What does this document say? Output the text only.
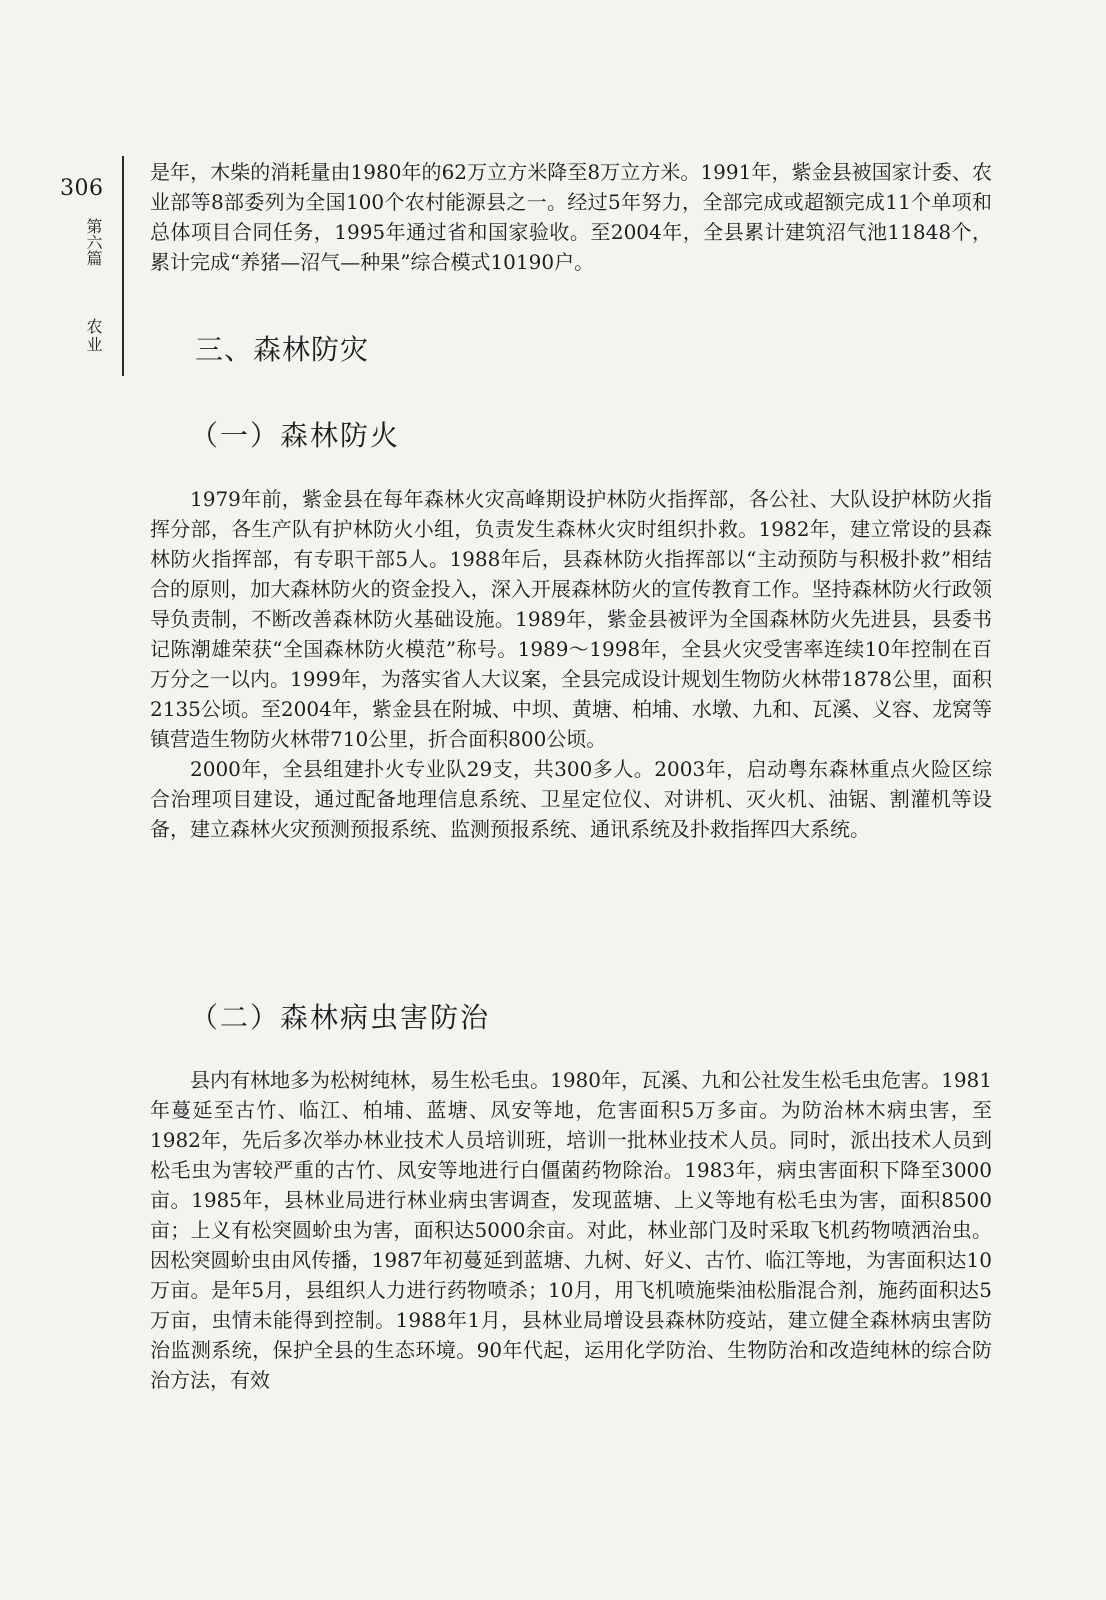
306
第六篇
农业

是年，木柴的消耗量由1980年的62万立方米降至8万立方米。1991年，紫金县被国家计委、农业部等8部委列为全国100个农村能源县之一。经过5年努力，全部完成或超额完成11个单项和总体项目合同任务，1995年通过省和国家验收。至2004年，全县累计建筑沼气池11848个，累计完成“养猪—沼气—种果”综合模式10190户。

三、森林防灾
（一）森林防火

1979年前，紫金县在每年森林火灾高峰期设护林防火指挥部，各公社、大队设护林防火指挥分部，各生产队有护林防火小组，负责发生森林火灾时组织扑救。1982年，建立常设的县森林防火指挥部，有专职干部5人。1988年后，县森林防火指挥部以“主动预防与积极扑救”相结合的原则，加大森林防火的资金投入，深入开展森林防火的宣传教育工作。坚持森林防火行政领导负责制，不断改善森林防火基础设施。1989年，紫金县被评为全国森林防火先进县，县委书记陈潮雄荣获“全国森林防火模范”称号。1989～1998年，全县火灾受害率连续10年控制在百万分之一以内。1999年，为落实省人大议案，全县完成设计规划生物防火林带1878公里，面积2135公顷。至2004年，紫金县在附城、中坝、黄塘、柏埔、水墩、九和、瓦溪、义容、龙窝等镇营造生物防火林带710公里，折合面积800公顷。

2000年，全县组建扑火专业队29支，共300多人。2003年，启动粤东森林重点火险区综合治理项目建设，通过配备地理信息系统、卫星定位仪、对讲机、灭火机、油锯、割灌机等设备，建立森林火灾预测预报系统、监测预报系统、通讯系统及扑救指挥四大系统。

（二）森林病虫害防治

县内有林地多为松树纯林，易生松毛虫。1980年，瓦溪、九和公社发生松毛虫危害。1981年蔓延至古竹、临江、柏埔、蓝塘、凤安等地，危害面积5万多亩。为防治林木病虫害，至1982年，先后多次举办林业技术人员培训班，培训一批林业技术人员。同时，派出技术人员到松毛虫为害较严重的古竹、凤安等地进行白僵菌药物除治。1983年，病虫害面积下降至3000亩。1985年，县林业局进行林业病虫害调查，发现蓝塘、上义等地有松毛虫为害，面积8500亩；上义有松突圆蚧虫为害，面积达5000余亩。对此，林业部门及时采取飞机药物喷洒治虫。因松突圆蚧虫由风传播，1987年初蔓延到蓝塘、九树、好义、古竹、临江等地，为害面积达10万亩。是年5月，县组织人力进行药物喷杀；10月，用飞机喷施柴油松脂混合剂，施药面积达5万亩，虫情未能得到控制。1988年1月，县林业局增设县森林防疫站，建立健全森林病虫害防治监测系统，保护全县的生态环境。90年代起，运用化学防治、生物防治和改造纯林的综合防治方法，有效
